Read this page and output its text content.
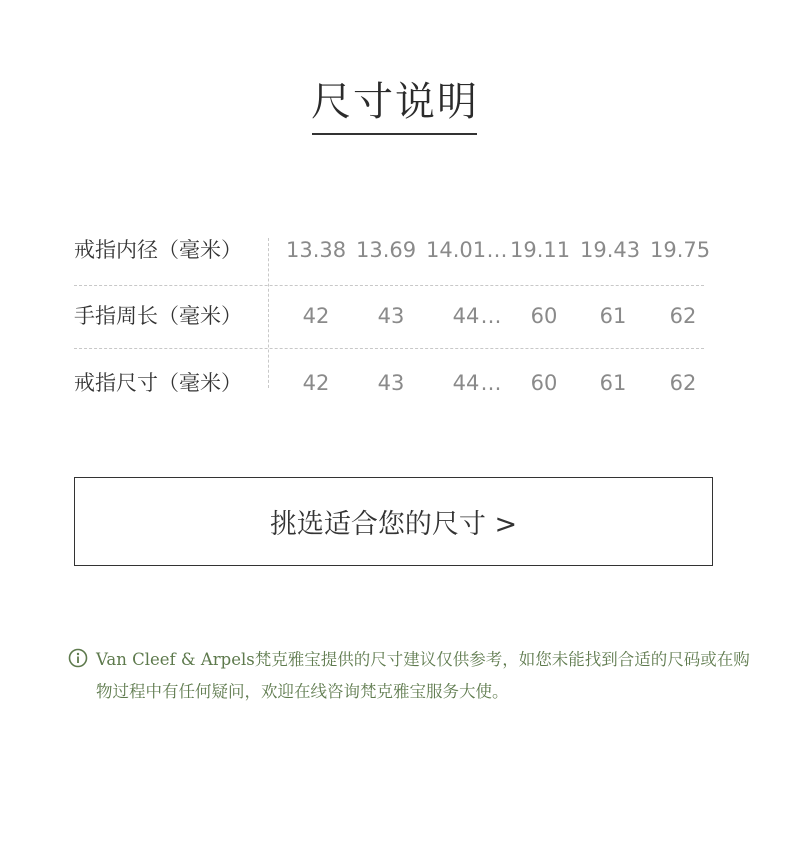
尺寸说明
戒指内径（毫米） 13.38 13.69 14.01 … 19.11 19.43 19.75
手指周长（毫米）	42	43	44 …	60	61	62
戒指尺寸（毫米）	42	43	44 …	60	61	62
挑选适合您的尺寸 >
Van Cleef & Arpels梵克雅宝提供的尺寸建议仅供参考，如您未能找到合适的尺码或在购物过程中有任何疑问，欢迎在线咨询梵克雅宝服务大使。
